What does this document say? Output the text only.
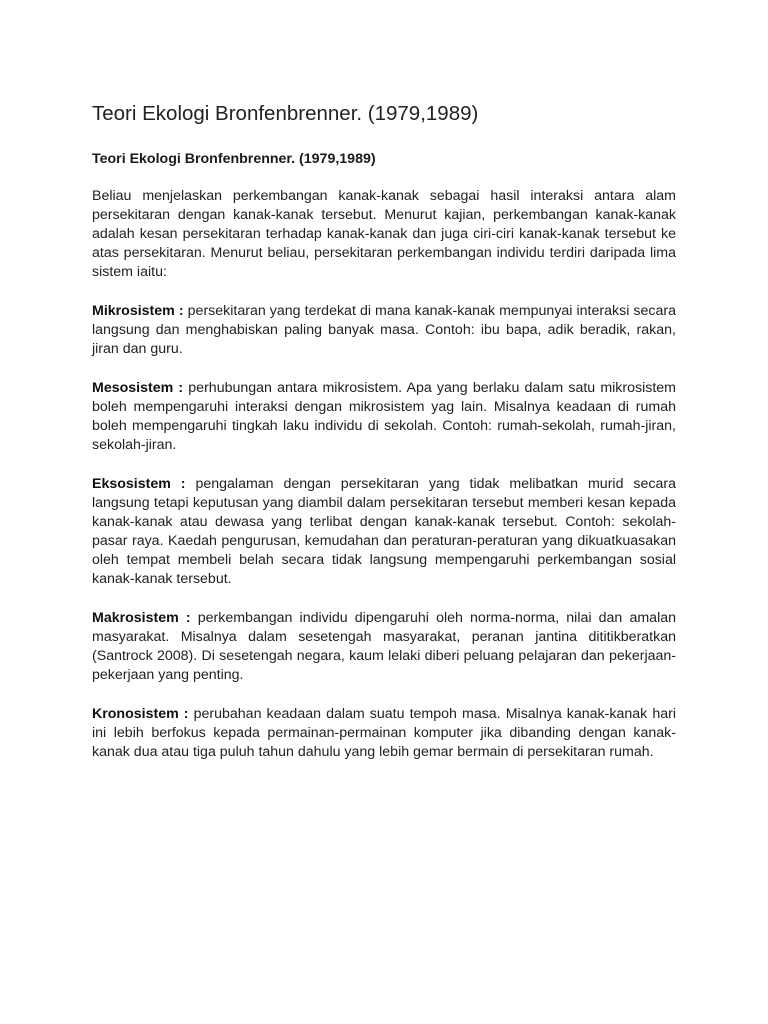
Teori Ekologi Bronfenbrenner. (1979,1989)
Teori Ekologi Bronfenbrenner. (1979,1989)

Beliau menjelaskan perkembangan kanak-kanak sebagai hasil interaksi antara alam persekitaran dengan kanak-kanak tersebut. Menurut kajian, perkembangan kanak-kanak adalah kesan persekitaran terhadap kanak-kanak dan juga ciri-ciri kanak-kanak tersebut ke atas persekitaran. Menurut beliau, persekitaran perkembangan individu terdiri daripada lima sistem iaitu:

Mikrosistem : persekitaran yang terdekat di mana kanak-kanak mempunyai interaksi secara langsung dan menghabiskan paling banyak masa. Contoh: ibu bapa, adik beradik, rakan, jiran dan guru.

Mesosistem : perhubungan antara mikrosistem. Apa yang berlaku dalam satu mikrosistem boleh mempengaruhi interaksi dengan mikrosistem yag lain. Misalnya keadaan di rumah boleh mempengaruhi tingkah laku individu di sekolah. Contoh: rumah-sekolah, rumah-jiran, sekolah-jiran.

Eksosistem : pengalaman dengan persekitaran yang tidak melibatkan murid secara langsung tetapi keputusan yang diambil dalam persekitaran tersebut memberi kesan kepada kanak-kanak atau dewasa yang terlibat dengan kanak-kanak tersebut. Contoh: sekolah-pasar raya. Kaedah pengurusan, kemudahan dan peraturan-peraturan yang dikuatkuasakan oleh tempat membeli belah secara tidak langsung mempengaruhi perkembangan sosial kanak-kanak tersebut.

Makrosistem : perkembangan individu dipengaruhi oleh norma-norma, nilai dan amalan masyarakat. Misalnya dalam sesetengah masyarakat, peranan jantina dititikberatkan (Santrock 2008). Di sesetengah negara, kaum lelaki diberi peluang pelajaran dan pekerjaan-pekerjaan yang penting.

Kronosistem : perubahan keadaan dalam suatu tempoh masa. Misalnya kanak-kanak hari ini lebih berfokus kepada permainan-permainan komputer jika dibanding dengan kanak-kanak dua atau tiga puluh tahun dahulu yang lebih gemar bermain di persekitaran rumah.
